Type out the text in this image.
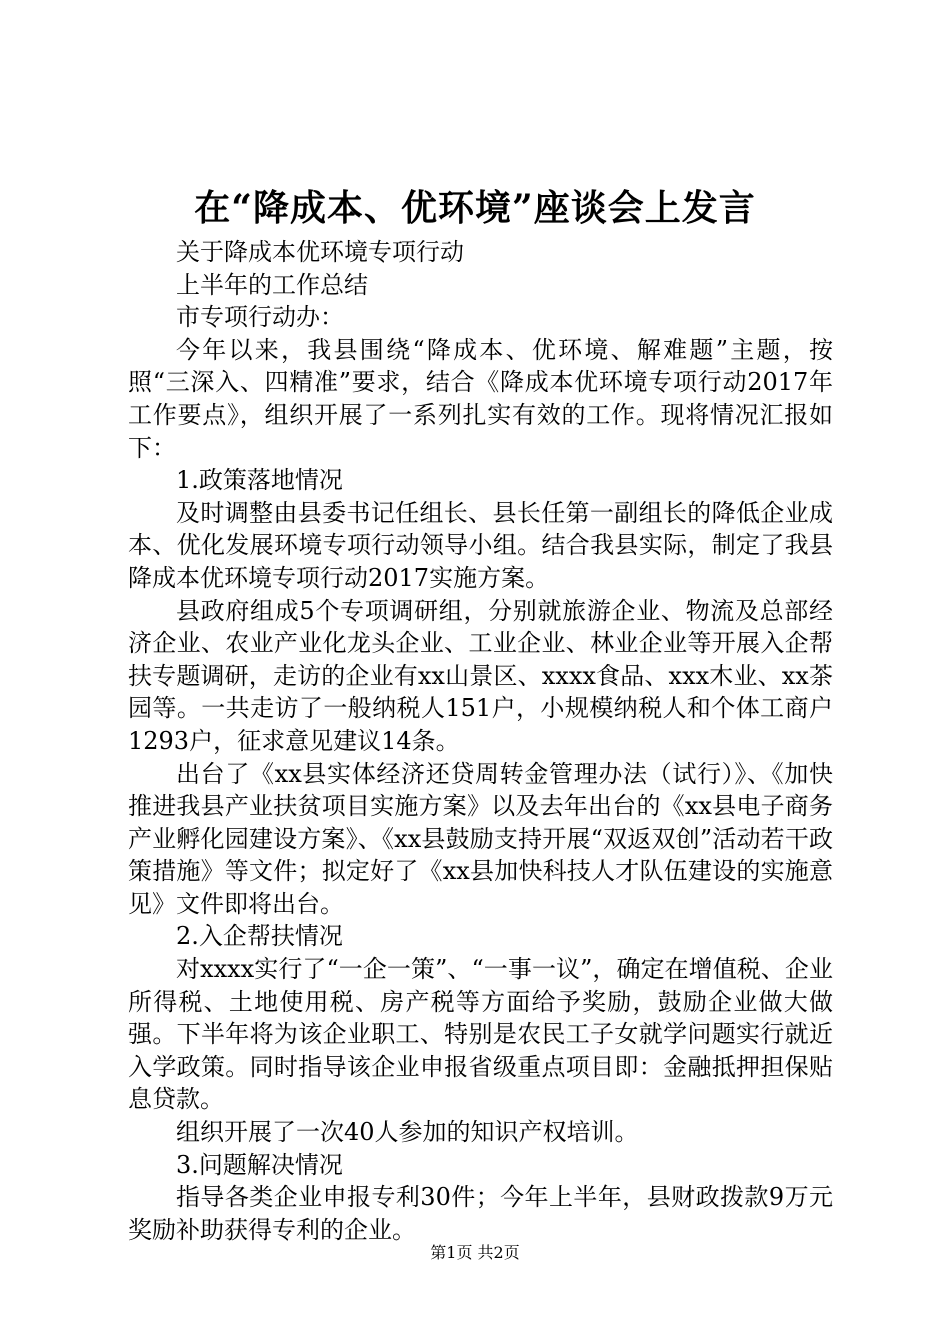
在“降成本、优环境”座谈会上发言

关于降成本优环境专项行动

上半年的工作总结

市专项行动办：

今年以来，我县围绕“降成本、优环境、解难题”主题，按照“三深入、四精准”要求，结合《降成本优环境专项行动2017年工作要点》，组织开展了一系列扎实有效的工作。现将情况汇报如下：

1.政策落地情况

及时调整由县委书记任组长、县长任第一副组长的降低企业成本、优化发展环境专项行动领导小组。结合我县实际，制定了我县降成本优环境专项行动2017实施方案。

县政府组成5个专项调研组，分别就旅游企业、物流及总部经济企业、农业产业化龙头企业、工业企业、林业企业等开展入企帮扶专题调研，走访的企业有xx山景区、xxxx食品、xxx木业、xx茶园等。一共走访了一般纳税人151户，小规模纳税人和个体工商户1293户，征求意见建议14条。

出台了《xx县实体经济还贷周转金管理办法（试行）》、《加快推进我县产业扶贫项目实施方案》以及去年出台的《xx县电子商务产业孵化园建设方案》、《xx县鼓励支持开展“双返双创”活动若干政策措施》等文件；拟定好了《xx县加快科技人才队伍建设的实施意见》文件即将出台。

2.入企帮扶情况

对xxxx实行了“一企一策”、“一事一议”，确定在增值税、企业所得税、土地使用税、房产税等方面给予奖励，鼓励企业做大做强。下半年将为该企业职工、特别是农民工子女就学问题实行就近入学政策。同时指导该企业申报省级重点项目即：金融抵押担保贴息贷款。

组织开展了一次40人参加的知识产权培训。

3.问题解决情况

指导各类企业申报专利30件；今年上半年，县财政拨款9万元奖励补助获得专利的企业。

第1页 共2页
